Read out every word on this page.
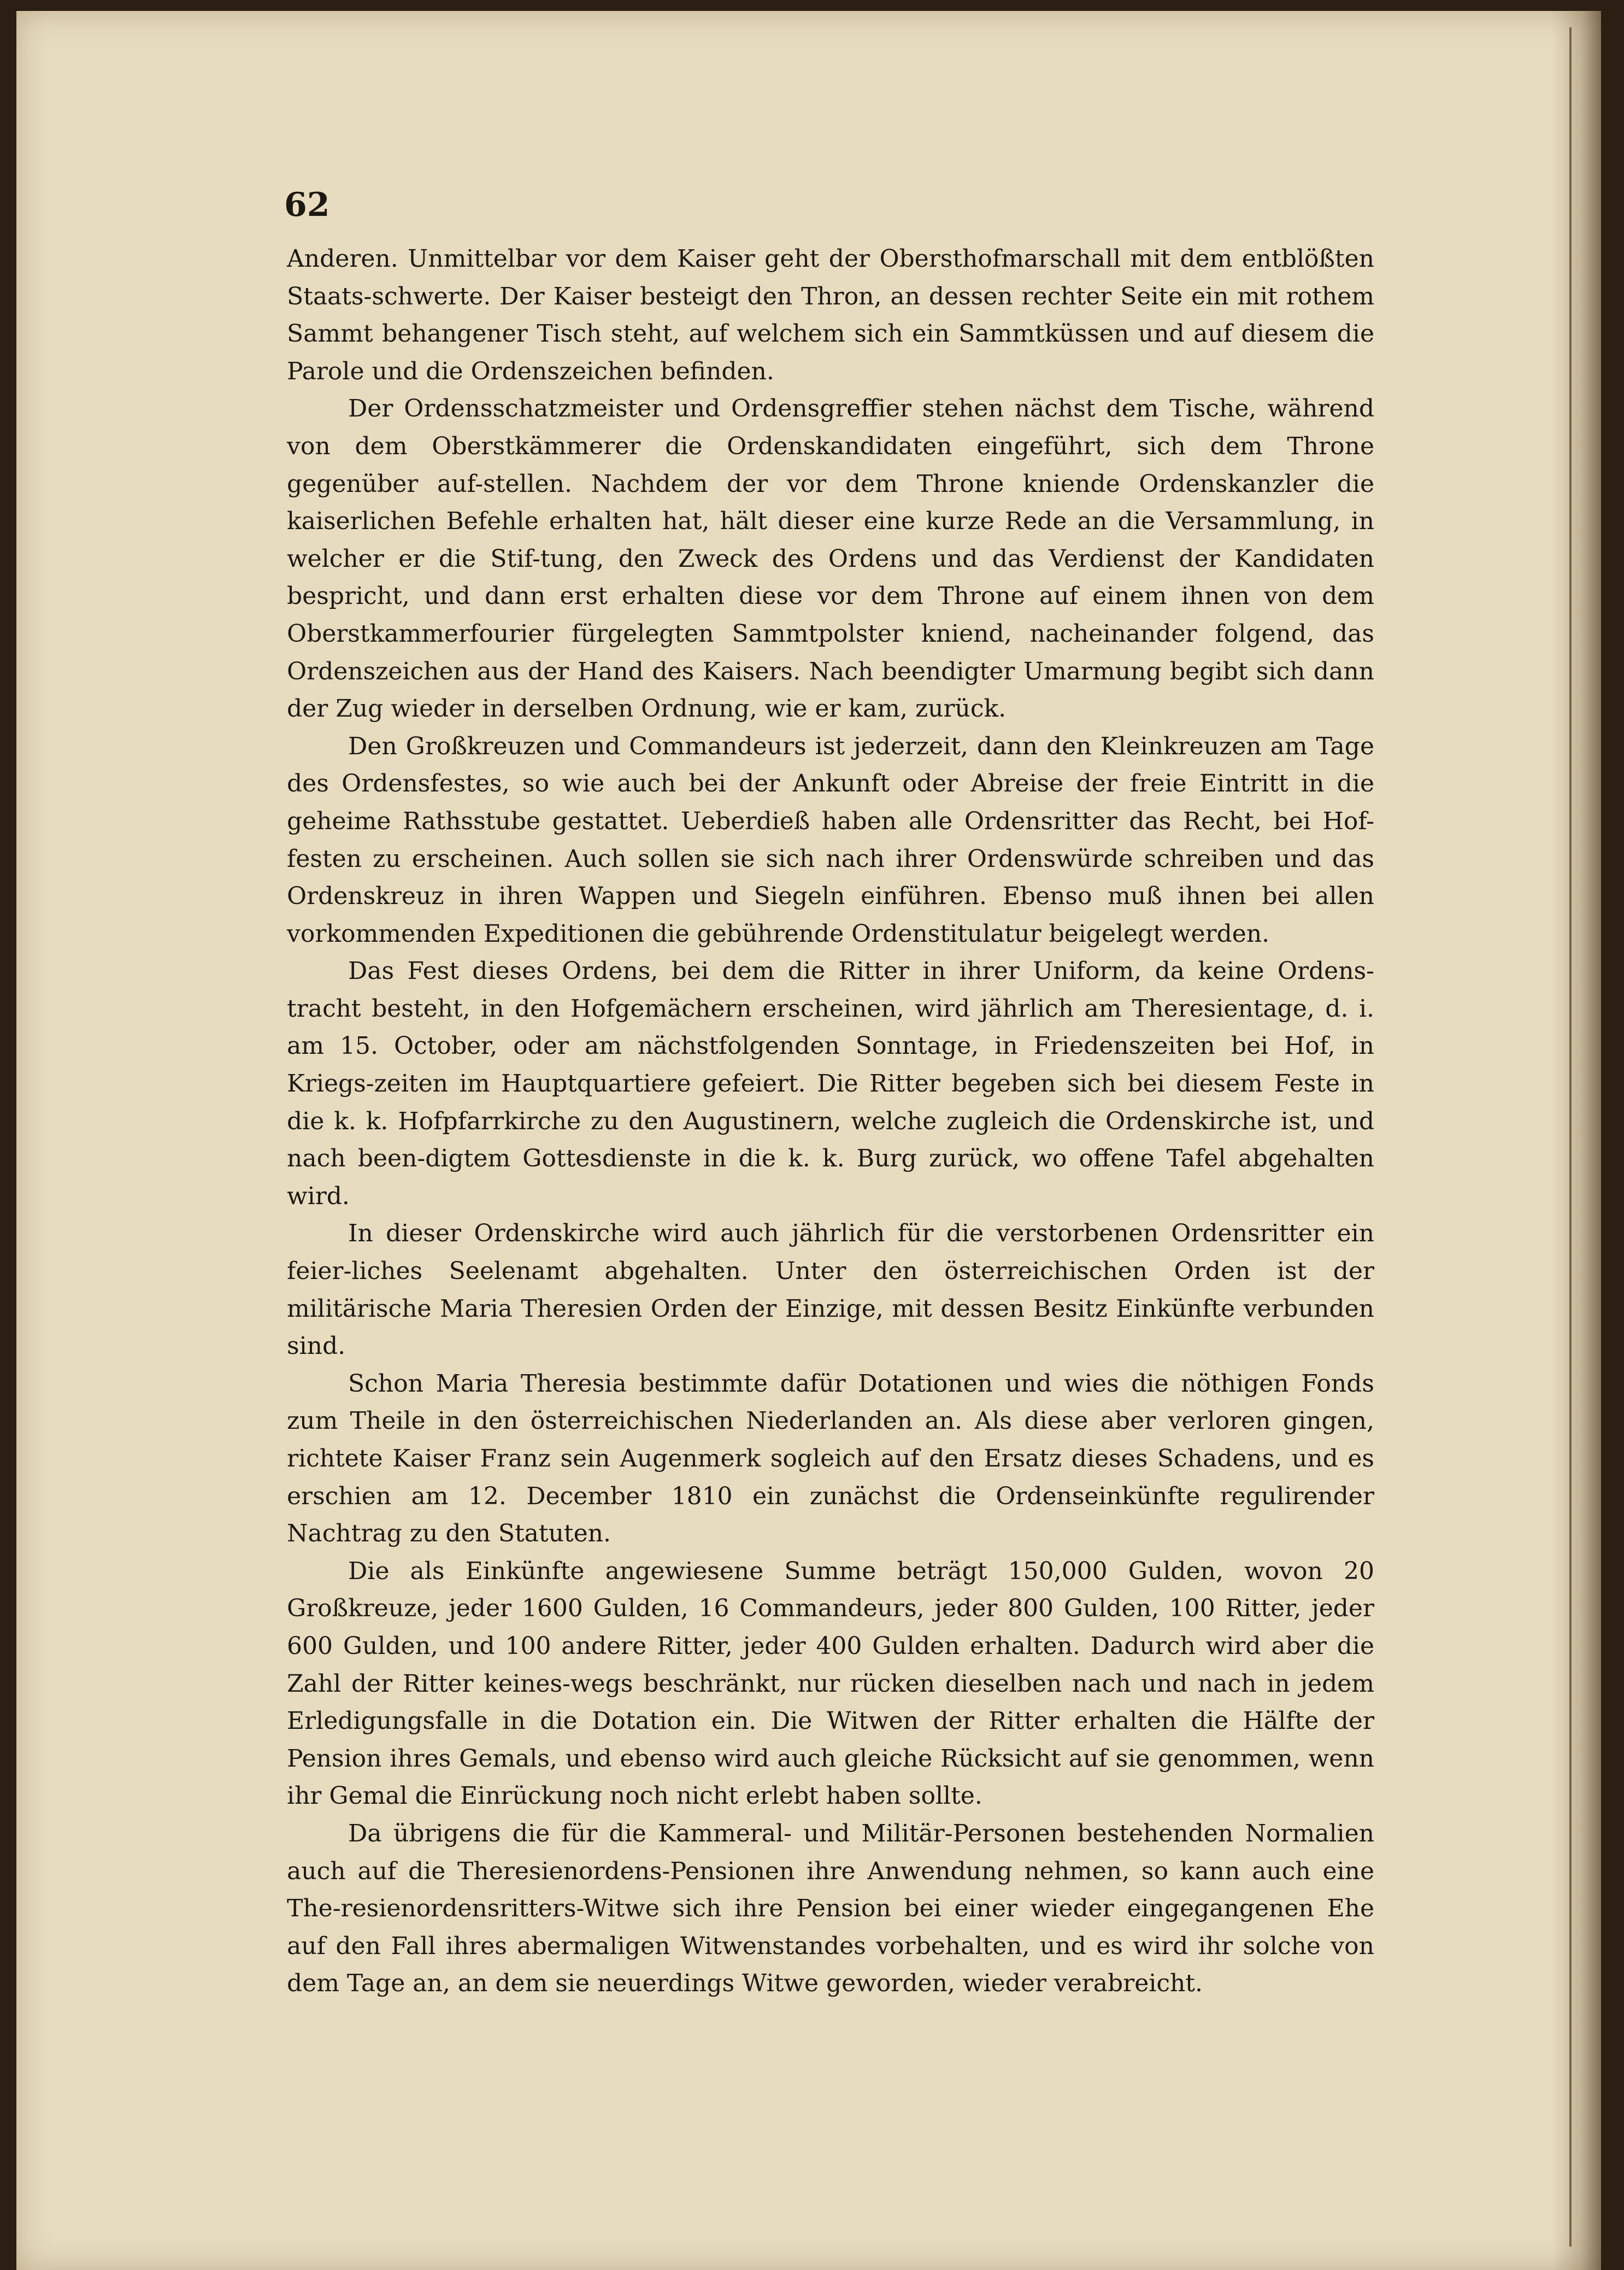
62

Anderen. Unmittelbar vor dem Kaiser geht der Obersthofmarschall mit dem entblößten Staats-schwerte. Der Kaiser besteigt den Thron, an dessen rechter Seite ein mit rothem Sammt behangener Tisch steht, auf welchem sich ein Sammtküssen und auf diesem die Parole und die Ordenszeichen befinden.

Der Ordensschatzmeister und Ordensgreffier stehen nächst dem Tische, während von dem Oberstkämmerer die Ordenskandidaten eingeführt, sich dem Throne gegenüber auf-stellen. Nachdem der vor dem Throne kniende Ordenskanzler die kaiserlichen Befehle erhalten hat, hält dieser eine kurze Rede an die Versammlung, in welcher er die Stif-tung, den Zweck des Ordens und das Verdienst der Kandidaten bespricht, und dann erst erhalten diese vor dem Throne auf einem ihnen von dem Oberstkammerfourier fürgelegten Sammtpolster kniend, nacheinander folgend, das Ordenszeichen aus der Hand des Kaisers. Nach beendigter Umarmung begibt sich dann der Zug wieder in derselben Ordnung, wie er kam, zurück.

Den Großkreuzen und Commandeurs ist jederzeit, dann den Kleinkreuzen am Tage des Ordensfestes, so wie auch bei der Ankunft oder Abreise der freie Eintritt in die geheime Rathsstube gestattet. Ueberdieß haben alle Ordensritter das Recht, bei Hof-festen zu erscheinen. Auch sollen sie sich nach ihrer Ordenswürde schreiben und das Ordenskreuz in ihren Wappen und Siegeln einführen. Ebenso muß ihnen bei allen vorkommenden Expeditionen die gebührende Ordenstitulatur beigelegt werden.

Das Fest dieses Ordens, bei dem die Ritter in ihrer Uniform, da keine Ordens-tracht besteht, in den Hofgemächern erscheinen, wird jährlich am Theresientage, d. i. am 15. October, oder am nächstfolgenden Sonntage, in Friedenszeiten bei Hof, in Kriegs-zeiten im Hauptquartiere gefeiert. Die Ritter begeben sich bei diesem Feste in die k. k. Hofpfarrkirche zu den Augustinern, welche zugleich die Ordenskirche ist, und nach been-digtem Gottesdienste in die k. k. Burg zurück, wo offene Tafel abgehalten wird.

In dieser Ordenskirche wird auch jährlich für die verstorbenen Ordensritter ein feier-liches Seelenamt abgehalten. Unter den österreichischen Orden ist der militärische Maria Theresien Orden der Einzige, mit dessen Besitz Einkünfte verbunden sind.

Schon Maria Theresia bestimmte dafür Dotationen und wies die nöthigen Fonds zum Theile in den österreichischen Niederlanden an. Als diese aber verloren gingen, richtete Kaiser Franz sein Augenmerk sogleich auf den Ersatz dieses Schadens, und es erschien am 12. December 1810 ein zunächst die Ordenseinkünfte regulirender Nachtrag zu den Statuten.

Die als Einkünfte angewiesene Summe beträgt 150,000 Gulden, wovon 20 Großkreuze, jeder 1600 Gulden, 16 Commandeurs, jeder 800 Gulden, 100 Ritter, jeder 600 Gulden, und 100 andere Ritter, jeder 400 Gulden erhalten. Dadurch wird aber die Zahl der Ritter keines-wegs beschränkt, nur rücken dieselben nach und nach in jedem Erledigungsfalle in die Dotation ein. Die Witwen der Ritter erhalten die Hälfte der Pension ihres Gemals, und ebenso wird auch gleiche Rücksicht auf sie genommen, wenn ihr Gemal die Einrückung noch nicht erlebt haben sollte.

Da übrigens die für die Kammeral- und Militär-Personen bestehenden Normalien auch auf die Theresienordens-Pensionen ihre Anwendung nehmen, so kann auch eine The-resienordensritters-Witwe sich ihre Pension bei einer wieder eingegangenen Ehe auf den Fall ihres abermaligen Witwenstandes vorbehalten, und es wird ihr solche von dem Tage an, an dem sie neuerdings Witwe geworden, wieder verabreicht.
